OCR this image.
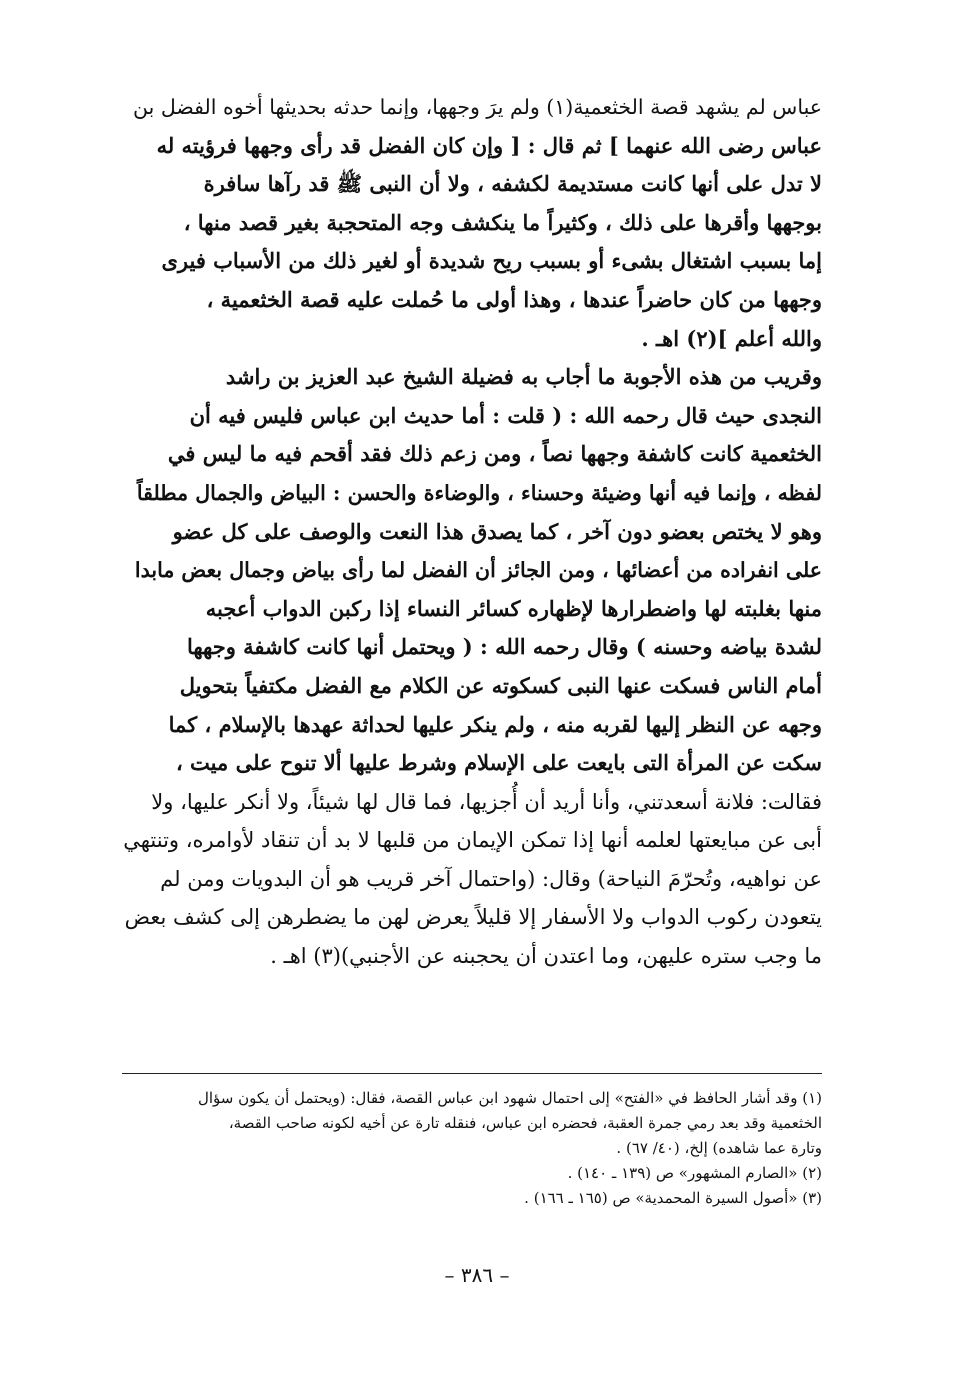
عباس لم يشهد قصة الخثعمية(١) ولم يرَ وجهها، وإنما حدثه بحديثها أخوه الفضل بن
عباس رضى الله عنهما ] ثم قال : [ وإن كان الفضل قد رأى وجهها فرؤيته له
لا تدل على أنها كانت مستديمة لكشفه ، ولا أن النبى ﷺ قد رآها سافرة
بوجهها وأقرها على ذلك ، وكثيراً ما ينكشف وجه المتحجبة بغير قصد منها ،
إما بسبب اشتغال بشىء أو بسبب ريح شديدة أو لغير ذلك من الأسباب فيرى
وجهها من كان حاضراً عندها ، وهذا أولى ما حُملت عليه قصة الخثعمية ،
والله أعلم ](٢) اهـ .
وقريب من هذه الأجوبة ما أجاب به فضيلة الشيخ عبد العزيز بن راشد
النجدى حيث قال رحمه الله : ( قلت : أما حديث ابن عباس فليس فيه أن
الخثعمية كانت كاشفة وجهها نصاً ، ومن زعم ذلك فقد أقحم فيه ما ليس في
لفظه ، وإنما فيه أنها وضيئة وحسناء ، والوضاءة والحسن : البياض والجمال مطلقاً
وهو لا يختص بعضو دون آخر ، كما يصدق هذا النعت والوصف على كل عضو
على انفراده من أعضائها ، ومن الجائز أن الفضل لما رأى بياض وجمال بعض مابدا
منها بغلبته لها واضطرارها لإظهاره كسائر النساء إذا ركبن الدواب أعجبه
لشدة بياضه وحسنه ) وقال رحمه الله : ( ويحتمل أنها كانت كاشفة وجهها
أمام الناس فسكت عنها النبى كسكوته عن الكلام مع الفضل مكتفياً بتحويل
وجهه عن النظر إليها لقربه منه ، ولم ينكر عليها لحداثة عهدها بالإسلام ، كما
سكت عن المرأة التى بايعت على الإسلام وشرط عليها ألا تنوح على ميت ،
فقالت: فلانة أسعدتني، وأنا أريد أن أُجزيها، فما قال لها شيئاً، ولا أنكر عليها، ولا
أبى عن مبايعتها لعلمه أنها إذا تمكن الإيمان من قلبها لا بد أن تنقاد لأوامره، وتنتهي
عن نواهيه، وتُحرّمَ النياحة) وقال: (واحتمال آخر قريب هو أن البدويات ومن لم
يتعودن ركوب الدواب ولا الأسفار إلا قليلاً يعرض لهن ما يضطرهن إلى كشف بعض
ما وجب ستره عليهن، وما اعتدن أن يحجبنه عن الأجنبي)(٣) اهـ .
(١) وقد أشار الحافظ في «الفتح» إلى احتمال شهود ابن عباس القصة، فقال: (ويحتمل أن يكون سؤال
الخثعمية وقد بعد رمي جمرة العقبة، فحضره ابن عباس، فنقله تارة عن أخيه لكونه صاحب القصة،
وتارة عما شاهده) إلخ، (٤٠/ ٦٧) .
(٢) «الصارم المشهور» ص (١٣٩ ـ ١٤٠) .
(٣) «أصول السيرة المحمدية» ص (١٦٥ ـ ١٦٦) .
– ٣٨٦ –
